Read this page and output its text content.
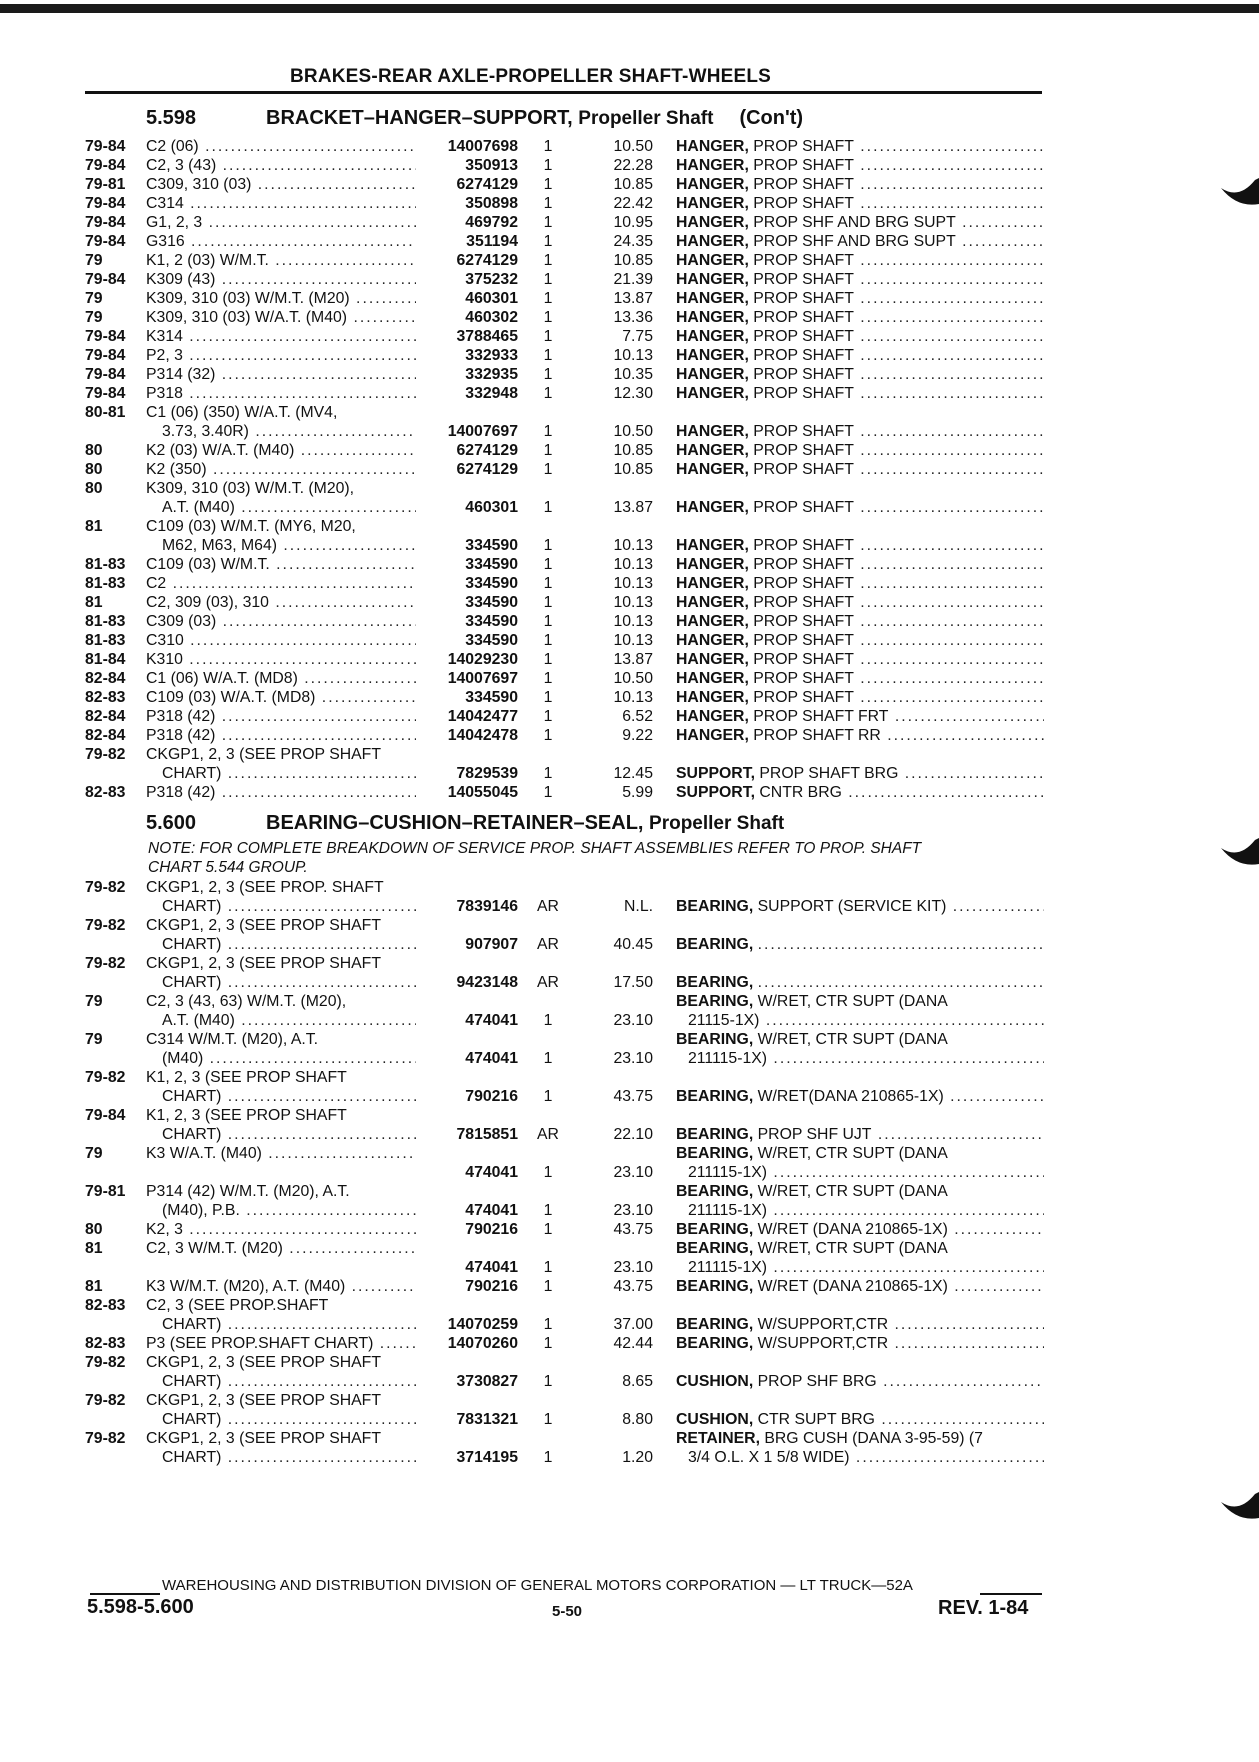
BRAKES-REAR AXLE-PROPELLER SHAFT-WHEELS
5.598	BRACKET–HANGER–SUPPORT, Propeller Shaft (Con't)
79-84	C2 (06) .....	14007698	1	10.50 HANGER, PROP SHAFT .....
79-84	C2, 3 (43) .....	350913	1	22.28 HANGER, PROP SHAFT .....
79-81	C309, 310 (03) .....	6274129	1	10.85 HANGER, PROP SHAFT .....
79-84	C314 .....	350898	1	22.42 HANGER, PROP SHAFT .....
79-84	G1, 2, 3 .....	469792	1	10.95 HANGER, PROP SHF AND BRG SUPT .....
79-84	G316 .....	351194	1	24.35 HANGER, PROP SHF AND BRG SUPT .....
79	K1, 2 (03) W/M.T. .....	6274129	1	10.85 HANGER, PROP SHAFT .....
79-84	K309 (43) .....	375232	1	21.39 HANGER, PROP SHAFT .....
79	K309, 310 (03) W/M.T. (M20) .....	460301	1	13.87 HANGER, PROP SHAFT .....
79	K309, 310 (03) W/A.T. (M40) .....	460302	1	13.36 HANGER, PROP SHAFT .....
79-84	K314 .....	3788465	1	7.75 HANGER, PROP SHAFT .....
79-84	P2, 3 .....	332933	1	10.13 HANGER, PROP SHAFT .....
79-84	P314 (32) .....	332935	1	10.35 HANGER, PROP SHAFT .....
79-84	P318 .....	332948	1	12.30 HANGER, PROP SHAFT .....
80-81	C1 (06) (350) W/A.T. (MV4,
3.73, 3.40R) .....	14007697	1	10.50 HANGER, PROP SHAFT .....
80	K2 (03) W/A.T. (M40) .....	6274129	1	10.85 HANGER, PROP SHAFT .....
80	K2 (350) .....	6274129	1	10.85 HANGER, PROP SHAFT .....
80	K309, 310 (03) W/M.T. (M20),
A.T. (M40) .....	460301	1	13.87 HANGER, PROP SHAFT .....
81	C109 (03) W/M.T. (MY6, M20,
M62, M63, M64) .....	334590	1	10.13 HANGER, PROP SHAFT .....
81-83	C109 (03) W/M.T. .....	334590	1	10.13 HANGER, PROP SHAFT .....
81-83	C2 .....	334590	1	10.13 HANGER, PROP SHAFT .....
81	C2, 309 (03), 310 .....	334590	1	10.13 HANGER, PROP SHAFT .....
81-83	C309 (03) .....	334590	1	10.13 HANGER, PROP SHAFT .....
81-83	C310 .....	334590	1	10.13 HANGER, PROP SHAFT .....
81-84	K310 .....	14029230	1	13.87 HANGER, PROP SHAFT .....
82-84	C1 (06) W/A.T. (MD8) .....	14007697	1	10.50 HANGER, PROP SHAFT .....
82-83	C109 (03) W/A.T. (MD8) .....	334590	1	10.13 HANGER, PROP SHAFT .....
82-84	P318 (42) .....	14042477	1	6.52 HANGER, PROP SHAFT FRT .....
82-84	P318 (42) .....	14042478	1	9.22 HANGER, PROP SHAFT RR .....
79-82	CKGP1, 2, 3 (SEE PROP SHAFT
CHART) .....	7829539	1	12.45 SUPPORT, PROP SHAFT BRG .....
82-83	P318 (42) .....	14055045	1	5.99 SUPPORT, CNTR BRG .....
5.600	BEARING–CUSHION–RETAINER–SEAL, Propeller Shaft
NOTE: FOR COMPLETE BREAKDOWN OF SERVICE PROP. SHAFT ASSEMBLIES REFER TO PROP. SHAFT
CHART 5.544 GROUP.
79-82	CKGP1, 2, 3 (SEE PROP. SHAFT
CHART) .....	7839146	AR	N.L. BEARING, SUPPORT (SERVICE KIT) .....
79-82	CKGP1, 2, 3 (SEE PROP SHAFT
CHART) .....	907907	AR	40.45 BEARING, .....
79-82	CKGP1, 2, 3 (SEE PROP SHAFT
CHART) .....	9423148	AR	17.50 BEARING, .....
79	C2, 3 (43, 63) W/M.T. (M20),
A.T. (M40) .....	474041	1	23.10
BEARING, W/RET, CTR SUPT (DANA
21115-1X) .....
79	C314 W/M.T. (M20), A.T.
(M40) .....	474041	1	23.10
BEARING, W/RET, CTR SUPT (DANA
211115-1X) .....
79-82	K1, 2, 3 (SEE PROP SHAFT
CHART) .....	790216	1	43.75 BEARING, W/RET(DANA 210865-1X) .....
79-84	K1, 2, 3 (SEE PROP SHAFT
CHART) .....	7815851	AR	22.10 BEARING, PROP SHF UJT .....
79	K3 W/A.T. (M40) .....
474041	1	23.10
BEARING, W/RET, CTR SUPT (DANA
211115-1X) .....
79-81	P314 (42) W/M.T. (M20), A.T.
(M40), P.B. .....	474041	1	23.10
BEARING, W/RET, CTR SUPT (DANA
211115-1X) .....
80	K2, 3 .....	790216	1	43.75 BEARING, W/RET (DANA 210865-1X) .....
81	C2, 3 W/M.T. (M20) .....
474041	1	23.10
BEARING, W/RET, CTR SUPT (DANA
211115-1X) .....
81	K3 W/M.T. (M20), A.T. (M40) .....	790216	1	43.75 BEARING, W/RET (DANA 210865-1X) .....
82-83	C2, 3 (SEE PROP.SHAFT
CHART) .....	14070259	1	37.00 BEARING, W/SUPPORT,CTR .....
82-83	P3 (SEE PROP.SHAFT CHART) .....	14070260	1	42.44 BEARING, W/SUPPORT,CTR .....
79-82	CKGP1, 2, 3 (SEE PROP SHAFT
CHART) .....	3730827	1	8.65 CUSHION, PROP SHF BRG .....
79-82	CKGP1, 2, 3 (SEE PROP SHAFT
CHART) .....	7831321	1	8.80 CUSHION, CTR SUPT BRG .....
79-82	CKGP1, 2, 3 (SEE PROP SHAFT
CHART) .....	3714195	1	1.20
RETAINER, BRG CUSH (DANA 3-95-59) (7
3/4 O.L. X 1 5/8 WIDE) .....
WAREHOUSING AND DISTRIBUTION DIVISION OF GENERAL MOTORS CORPORATION — LT TRUCK—52A
5.598-5.600	5-50	REV. 1-84
